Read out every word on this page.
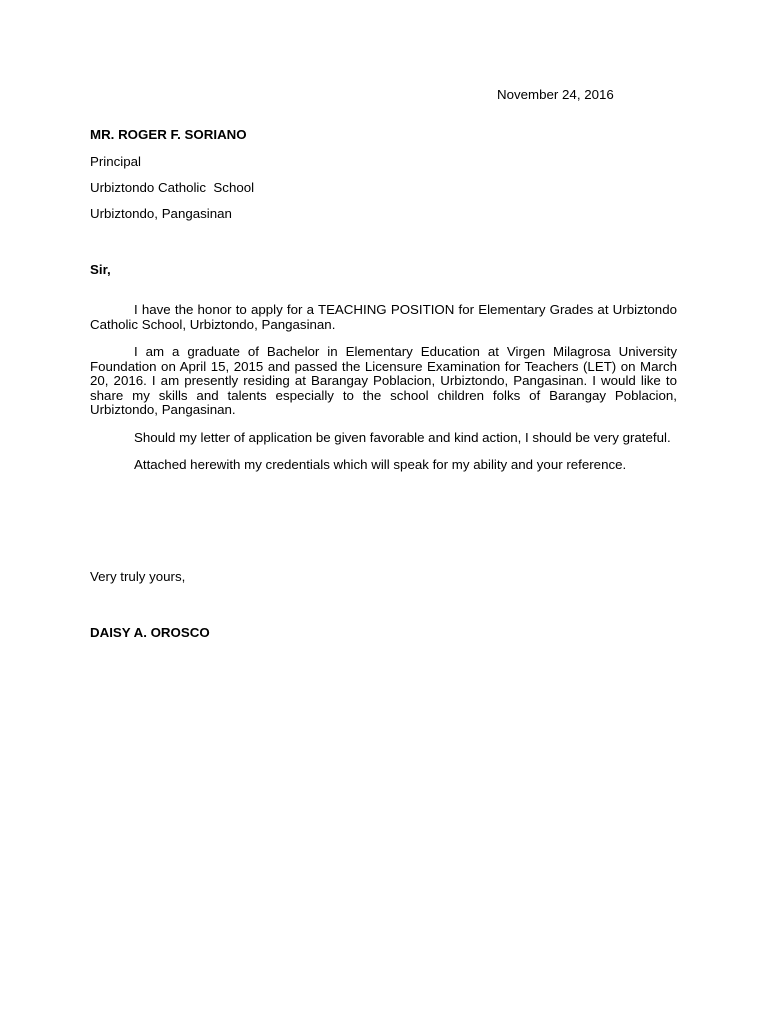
November 24, 2016

MR. ROGER F. SORIANO

Principal

Urbiztondo Catholic  School

Urbiztondo, Pangasinan

Sir,

I have the honor to apply for a TEACHING POSITION for Elementary Grades at Urbiztondo Catholic School, Urbiztondo, Pangasinan.

I am a graduate of Bachelor in Elementary Education at Virgen Milagrosa University Foundation on April 15, 2015 and passed the Licensure Examination for Teachers (LET) on March 20, 2016. I am presently residing at Barangay Poblacion, Urbiztondo, Pangasinan. I would like to share my skills and talents especially to the school children folks of Barangay Poblacion, Urbiztondo, Pangasinan.

Should my letter of application be given favorable and kind action, I should be very grateful.

Attached herewith my credentials which will speak for my ability and your reference.

Very truly yours,

DAISY A. OROSCO
